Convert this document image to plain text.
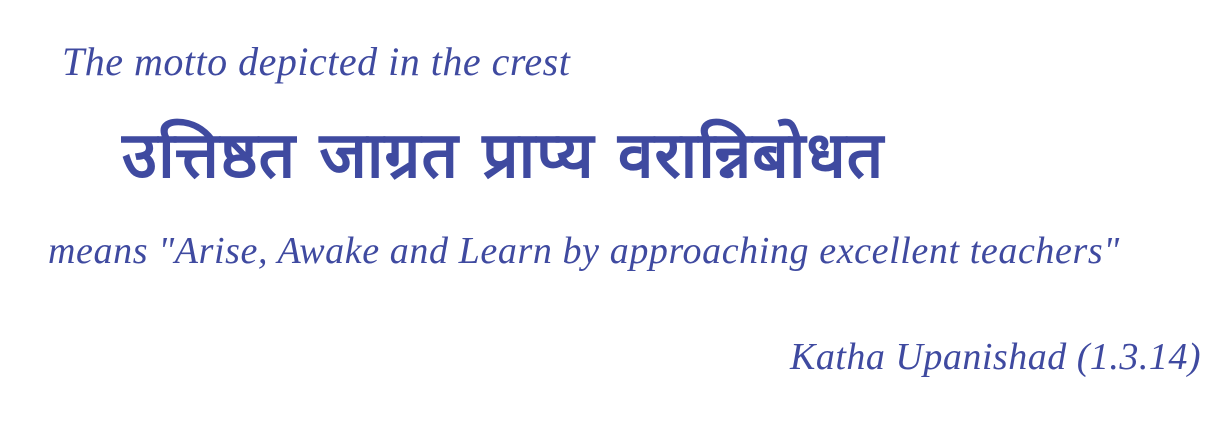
The motto depicted in the crest
उत्तिष्ठत जाग्रत प्राप्य वरान्निबोधत
means "Arise, Awake and Learn by approaching excellent teachers"
Katha Upanishad (1.3.14)
